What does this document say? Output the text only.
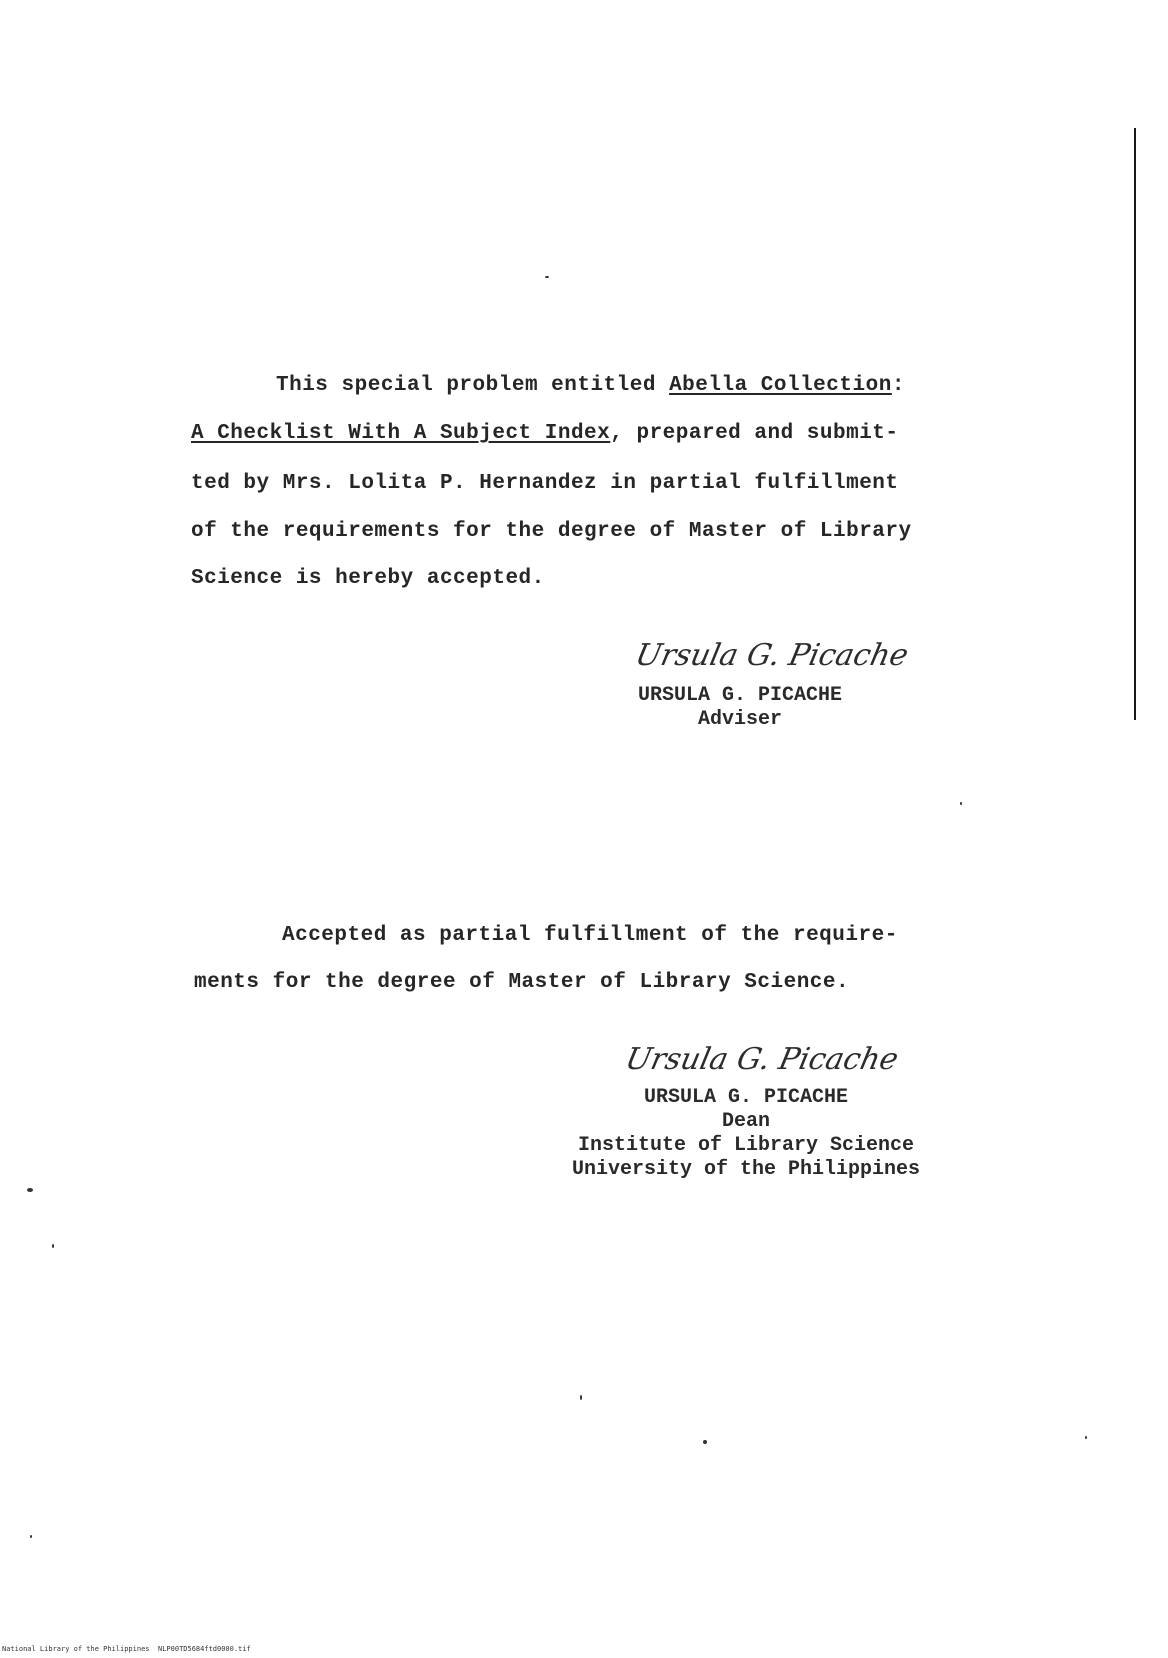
This special problem entitled Abella Collection:
A Checklist With A Subject Index, prepared and submit-
ted by Mrs. Lolita P. Hernandez in partial fulfillment
of the requirements for the degree of Master of Library
Science is hereby accepted.
Ursula G. Picache
URSULA G. PICACHE
Adviser
Accepted as partial fulfillment of the require-
ments for the degree of Master of Library Science.
Ursula G. Picache
URSULA G. PICACHE
Dean
Institute of Library Science
University of the Philippines
National Library of the Philippines NLP00TD5684ftd0000.tif
